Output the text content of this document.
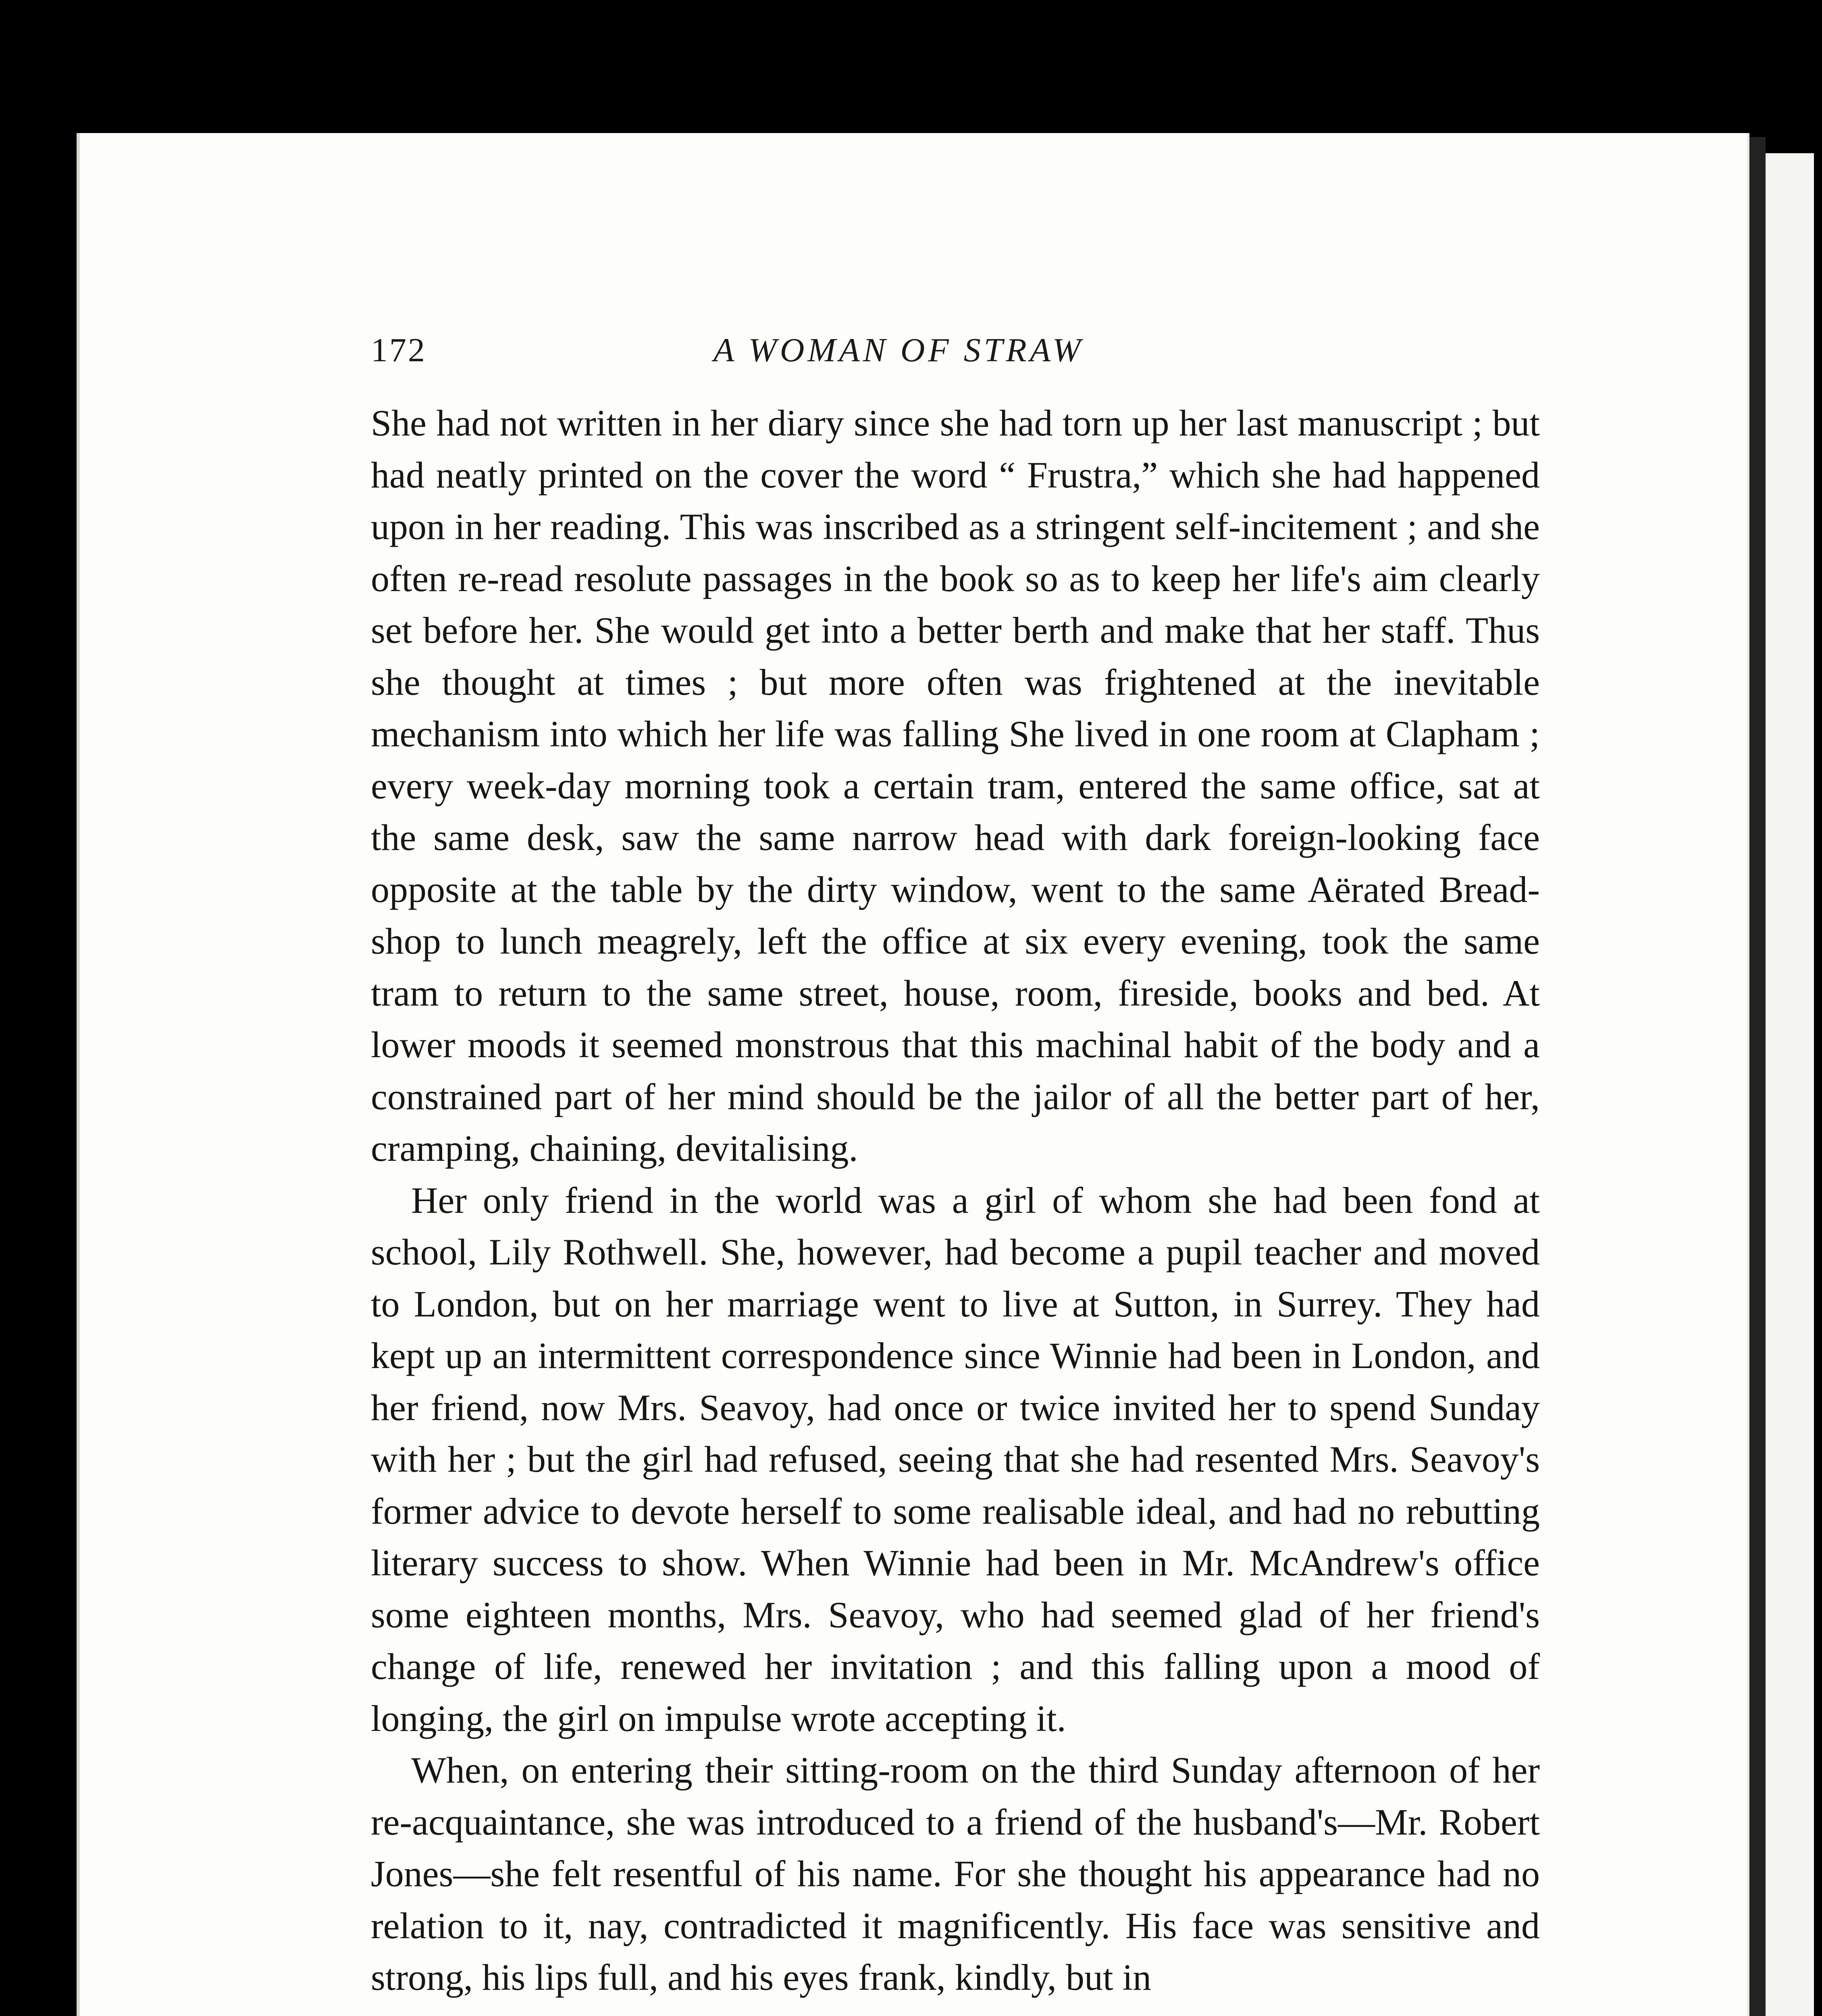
172	A WOMAN OF STRAW

She had not written in her diary since she had torn up her last manuscript ; but had neatly printed on the cover the word “ Frustra,” which she had happened upon in her reading. This was inscribed as a stringent self-incitement ; and she often re-read resolute passages in the book so as to keep her life's aim clearly set before her. She would get into a better berth and make that her staff. Thus she thought at times ; but more often was frightened at the inevitable mechanism into which her life was falling She lived in one room at Clapham ; every week-day morning took a certain tram, entered the same office, sat at the same desk, saw the same narrow head with dark foreign-looking face opposite at the table by the dirty window, went to the same Aërated Bread-shop to lunch meagrely, left the office at six every evening, took the same tram to return to the same street, house, room, fireside, books and bed. At lower moods it seemed monstrous that this machinal habit of the body and a constrained part of her mind should be the jailor of all the better part of her, cramping, chaining, devitalising.

Her only friend in the world was a girl of whom she had been fond at school, Lily Rothwell. She, however, had become a pupil teacher and moved to London, but on her marriage went to live at Sutton, in Surrey. They had kept up an intermittent correspondence since Winnie had been in London, and her friend, now Mrs. Seavoy, had once or twice invited her to spend Sunday with her ; but the girl had refused, seeing that she had resented Mrs. Seavoy's former advice to devote herself to some realisable ideal, and had no rebutting literary success to show. When Winnie had been in Mr. McAndrew's office some eighteen months, Mrs. Seavoy, who had seemed glad of her friend's change of life, renewed her invitation ; and this falling upon a mood of longing, the girl on impulse wrote accepting it.

When, on entering their sitting-room on the third Sunday afternoon of her re-acquaintance, she was introduced to a friend of the husband's—Mr. Robert Jones—she felt resentful of his name. For she thought his appearance had no relation to it, nay, contradicted it magnificently. His face was sensitive and strong, his lips full, and his eyes frank, kindly, but in
